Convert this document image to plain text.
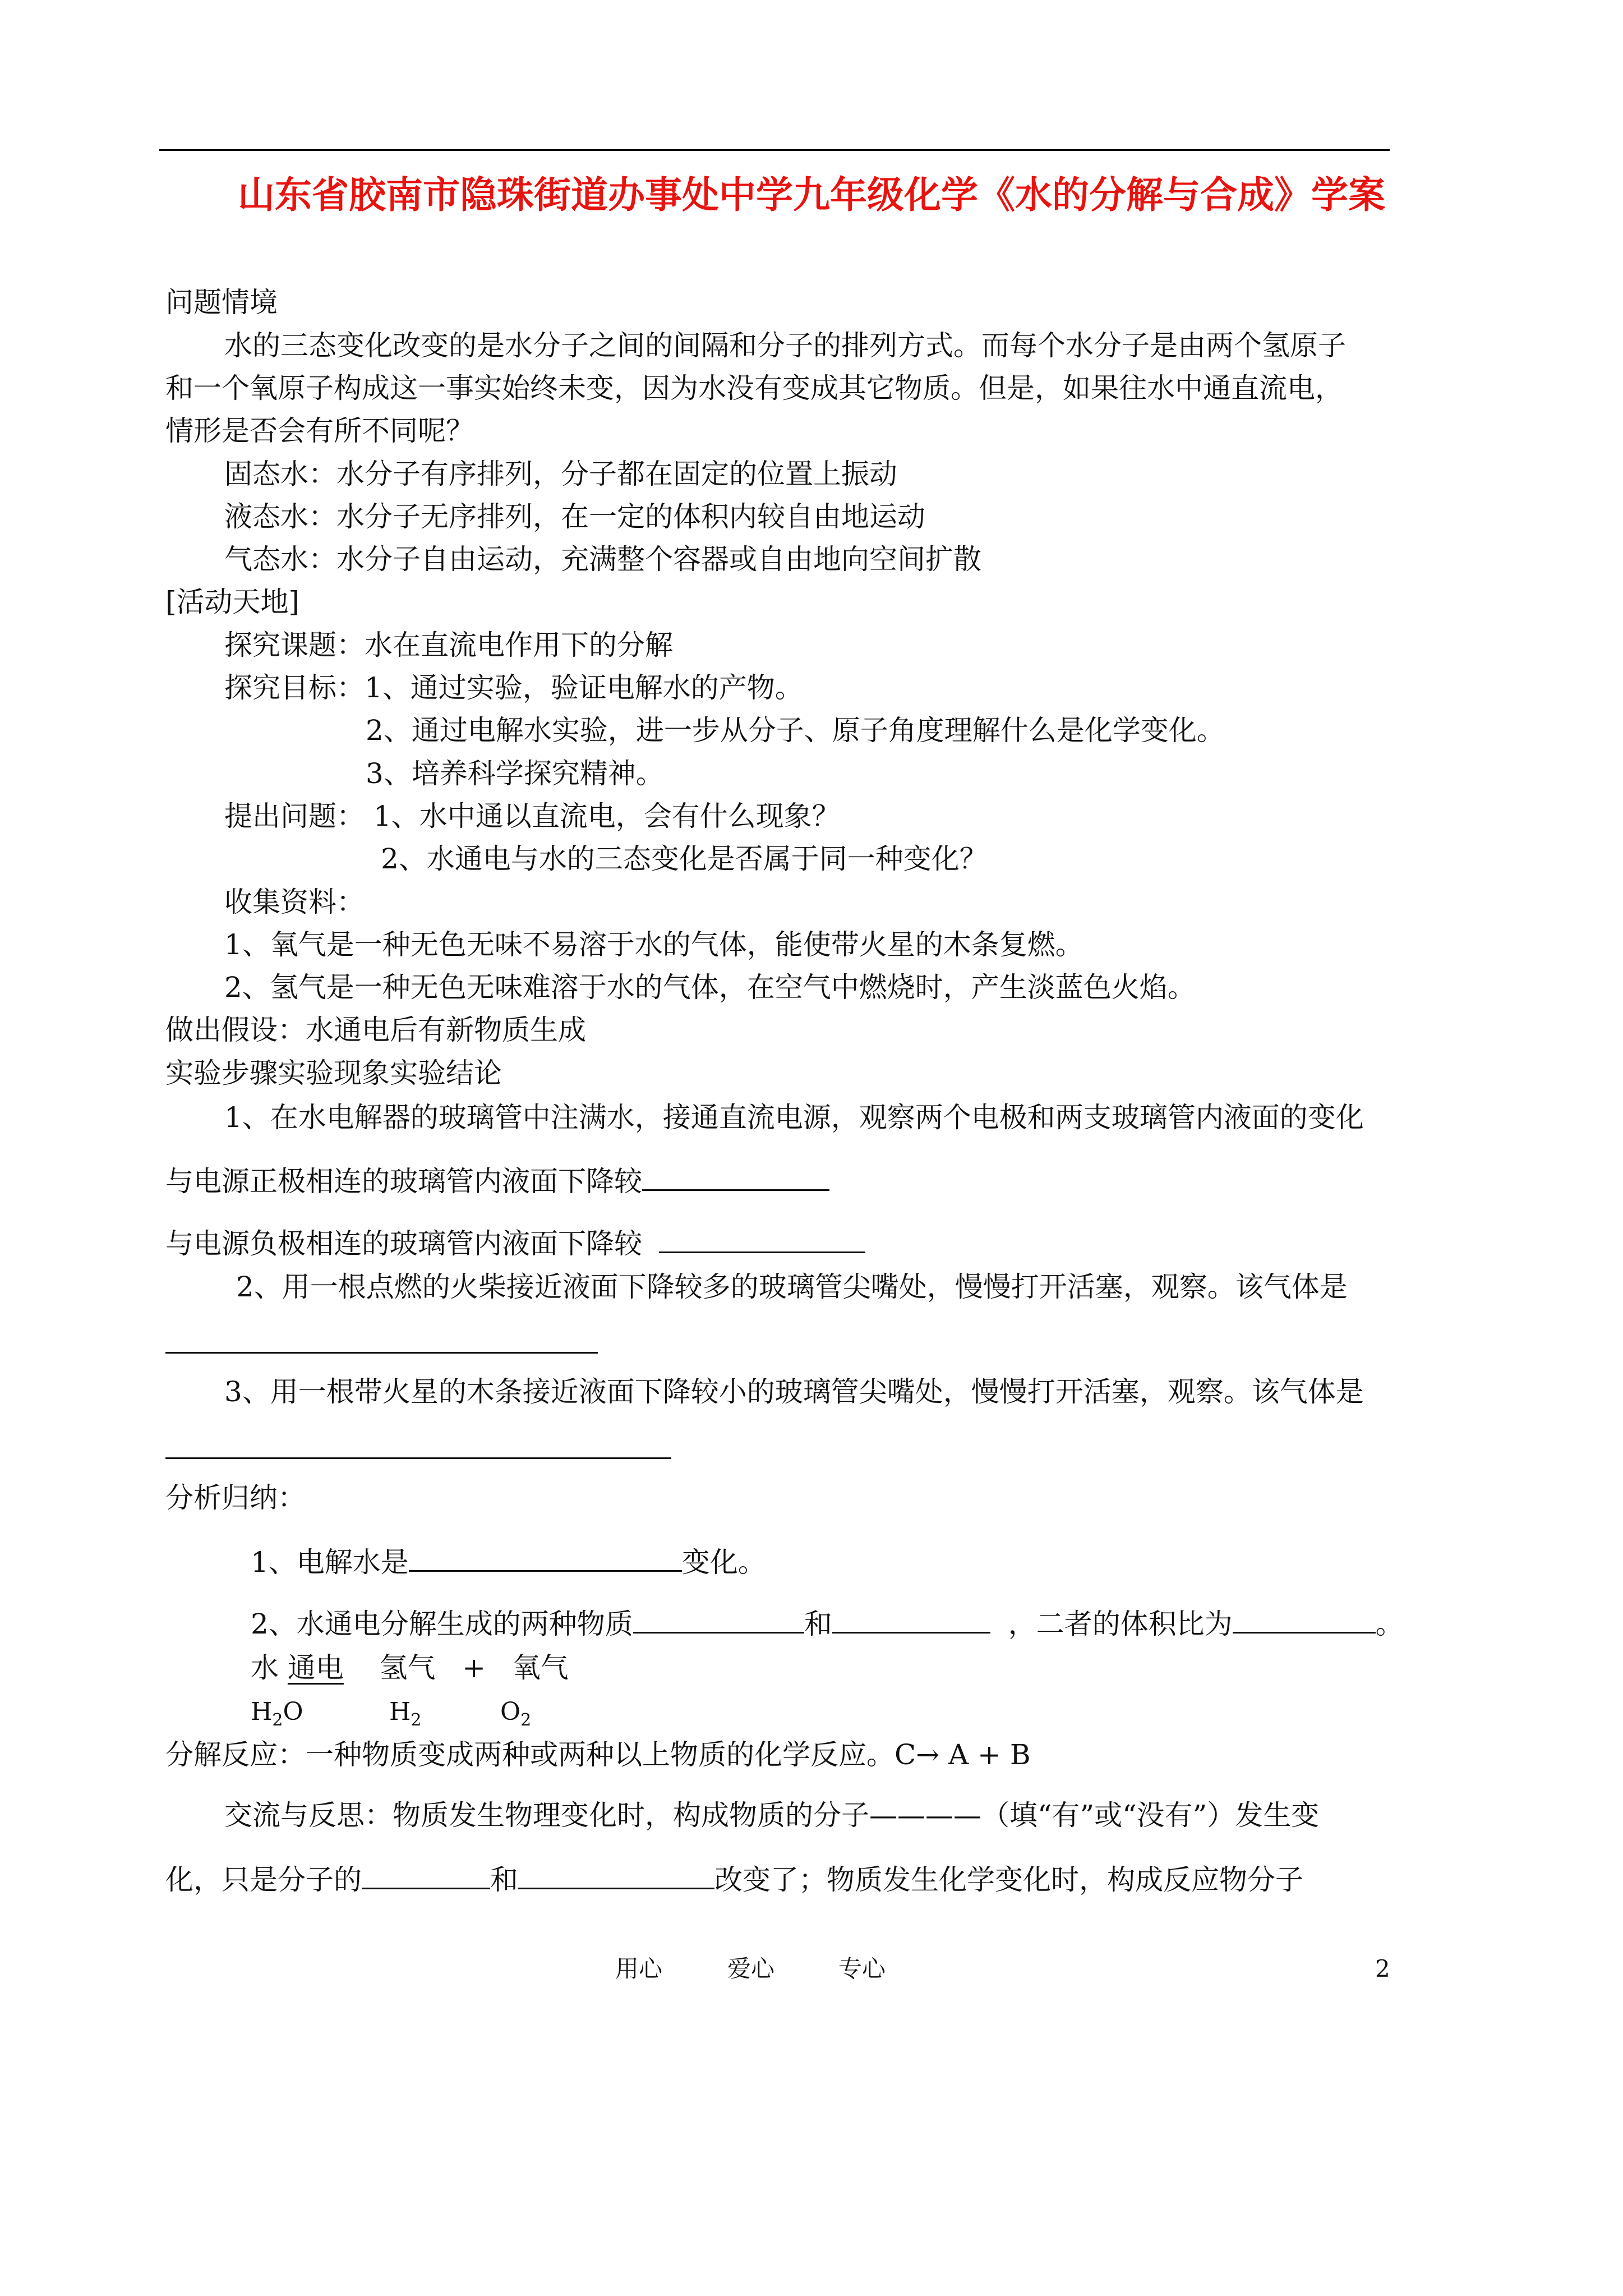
山东省胶南市隐珠街道办事处中学九年级化学《水的分解与合成》学案
问题情境
水的三态变化改变的是水分子之间的间隔和分子的排列方式。而每个水分子是由两个氢原子
和一个氧原子构成这一事实始终未变，因为水没有变成其它物质。但是，如果往水中通直流电，
情形是否会有所不同呢？
固态水：水分子有序排列，分子都在固定的位置上振动
液态水：水分子无序排列，在一定的体积内较自由地运动
气态水：水分子自由运动，充满整个容器或自由地向空间扩散
[活动天地]
探究课题：水在直流电作用下的分解
探究目标：1、通过实验，验证电解水的产物。
2、通过电解水实验，进一步从分子、原子角度理解什么是化学变化。
3、培养科学探究精神。
提出问题： 1、水中通以直流电，会有什么现象？
2、水通电与水的三态变化是否属于同一种变化？
收集资料：
1、氧气是一种无色无味不易溶于水的气体，能使带火星的木条复燃。
2、氢气是一种无色无味难溶于水的气体，在空气中燃烧时，产生淡蓝色火焰。
做出假设：水通电后有新物质生成
实验步骤实验现象实验结论
1、在水电解器的玻璃管中注满水，接通直流电源，观察两个电极和两支玻璃管内液面的变化
与电源正极相连的玻璃管内液面下降较
与电源负极相连的玻璃管内液面下降较
2、用一根点燃的火柴接近液面下降较多的玻璃管尖嘴处，慢慢打开活塞，观察。该气体是
3、用一根带火星的木条接近液面下降较小的玻璃管尖嘴处，慢慢打开活塞，观察。该气体是
分析归纳：
1、电解水是	变化。
2、水通电分解生成的两种物质	和	，二者的体积比为	。
水 通电 氢气 + 氧气
$H_2O$	$H_2$	$O_2$
分解反应：一种物质变成两种或两种以上物质的化学反应。C→ A + B
交流与反思：物质发生物理变化时，构成物质的分子————（填“有”或“没有”）发生变
化，只是分子的	和	改变了；物质发生化学变化时，构成反应物分子
用心	爱心	专心	2
